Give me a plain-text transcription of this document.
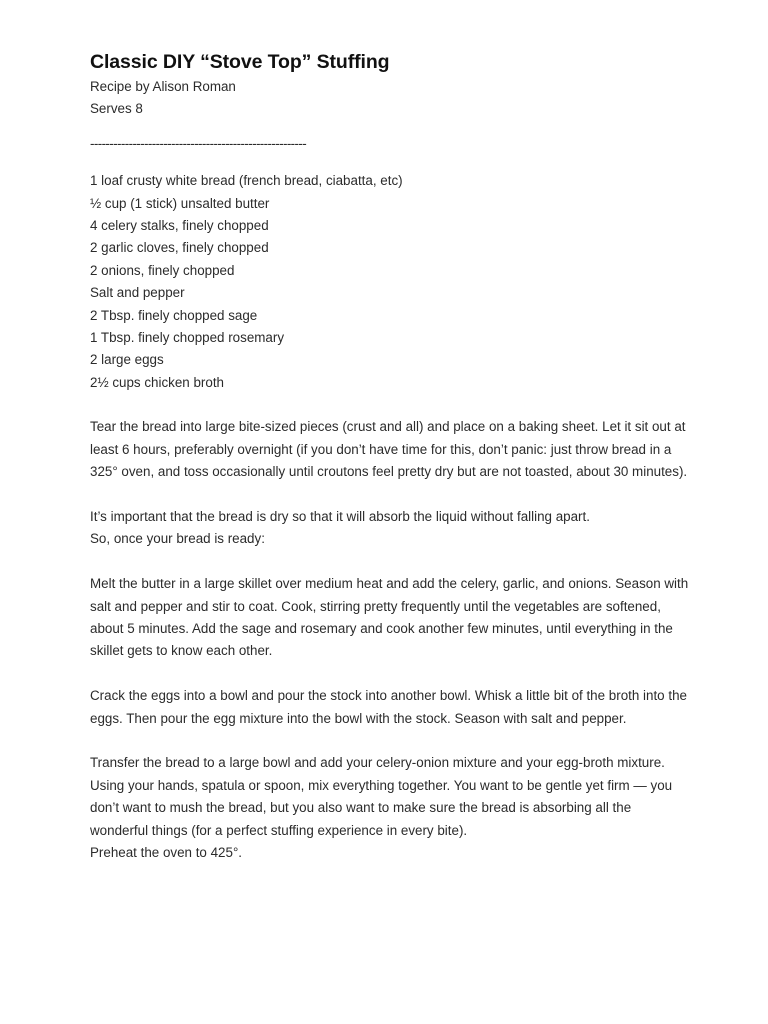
Classic DIY “Stove Top” Stuffing

Recipe by Alison Roman

Serves 8

--------------------------------------------------------

1 loaf crusty white bread (french bread, ciabatta, etc)
½ cup (1 stick) unsalted butter
4 celery stalks, finely chopped
2 garlic cloves, finely chopped
2 onions, finely chopped
Salt and pepper
2 Tbsp. finely chopped sage
1 Tbsp. finely chopped rosemary
2 large eggs
2½ cups chicken broth

Tear the bread into large bite-sized pieces (crust and all) and place on a baking sheet. Let it sit out at least 6 hours, preferably overnight (if you don’t have time for this, don’t panic: just throw bread in a 325° oven, and toss occasionally until croutons feel pretty dry but are not toasted, about 30 minutes).

It’s important that the bread is dry so that it will absorb the liquid without falling apart.

So, once your bread is ready:

Melt the butter in a large skillet over medium heat and add the celery, garlic, and onions. Season with salt and pepper and stir to coat. Cook, stirring pretty frequently until the vegetables are softened, about 5 minutes. Add the sage and rosemary and cook another few minutes, until everything in the skillet gets to know each other.

Crack the eggs into a bowl and pour the stock into another bowl. Whisk a little bit of the broth into the eggs. Then pour the egg mixture into the bowl with the stock. Season with salt and pepper.

Transfer the bread to a large bowl and add your celery-onion mixture and your egg-broth mixture. Using your hands, spatula or spoon, mix everything together. You want to be gentle yet firm — you don’t want to mush the bread, but you also want to make sure the bread is absorbing all the wonderful things (for a perfect stuffing experience in every bite).

Preheat the oven to 425°.
